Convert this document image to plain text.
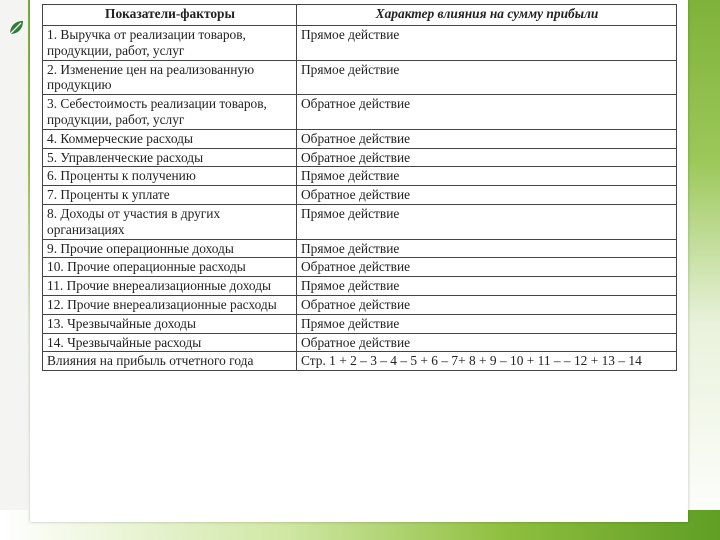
Показатели-факторы	Характер влияния на сумму прибыли
1. Выручка от реализации товаров, продукции, работ, услуг	Прямое действие
2. Изменение цен на реализованную продукцию	Прямое действие
3. Себестоимость реализации товаров, продукции, работ, услуг	Обратное действие
4. Коммерческие расходы	Обратное действие
5. Управленческие расходы	Обратное действие
6. Проценты к получению	Прямое действие
7. Проценты к уплате	Обратное действие
8. Доходы от участия в других организациях	Прямое действие
9. Прочие операционные доходы	Прямое действие
10. Прочие операционные расходы	Обратное действие
11. Прочие внереализационные доходы	Прямое действие
12. Прочие внереализационные расходы	Обратное действие
13. Чрезвычайные доходы	Прямое действие
14. Чрезвычайные расходы	Обратное действие
Влияния на прибыль отчетного года	Стр. 1 + 2 – 3 – 4 – 5 + 6 – 7+ 8 + 9 – 10 + 11 – – 12 + 13 – 14
